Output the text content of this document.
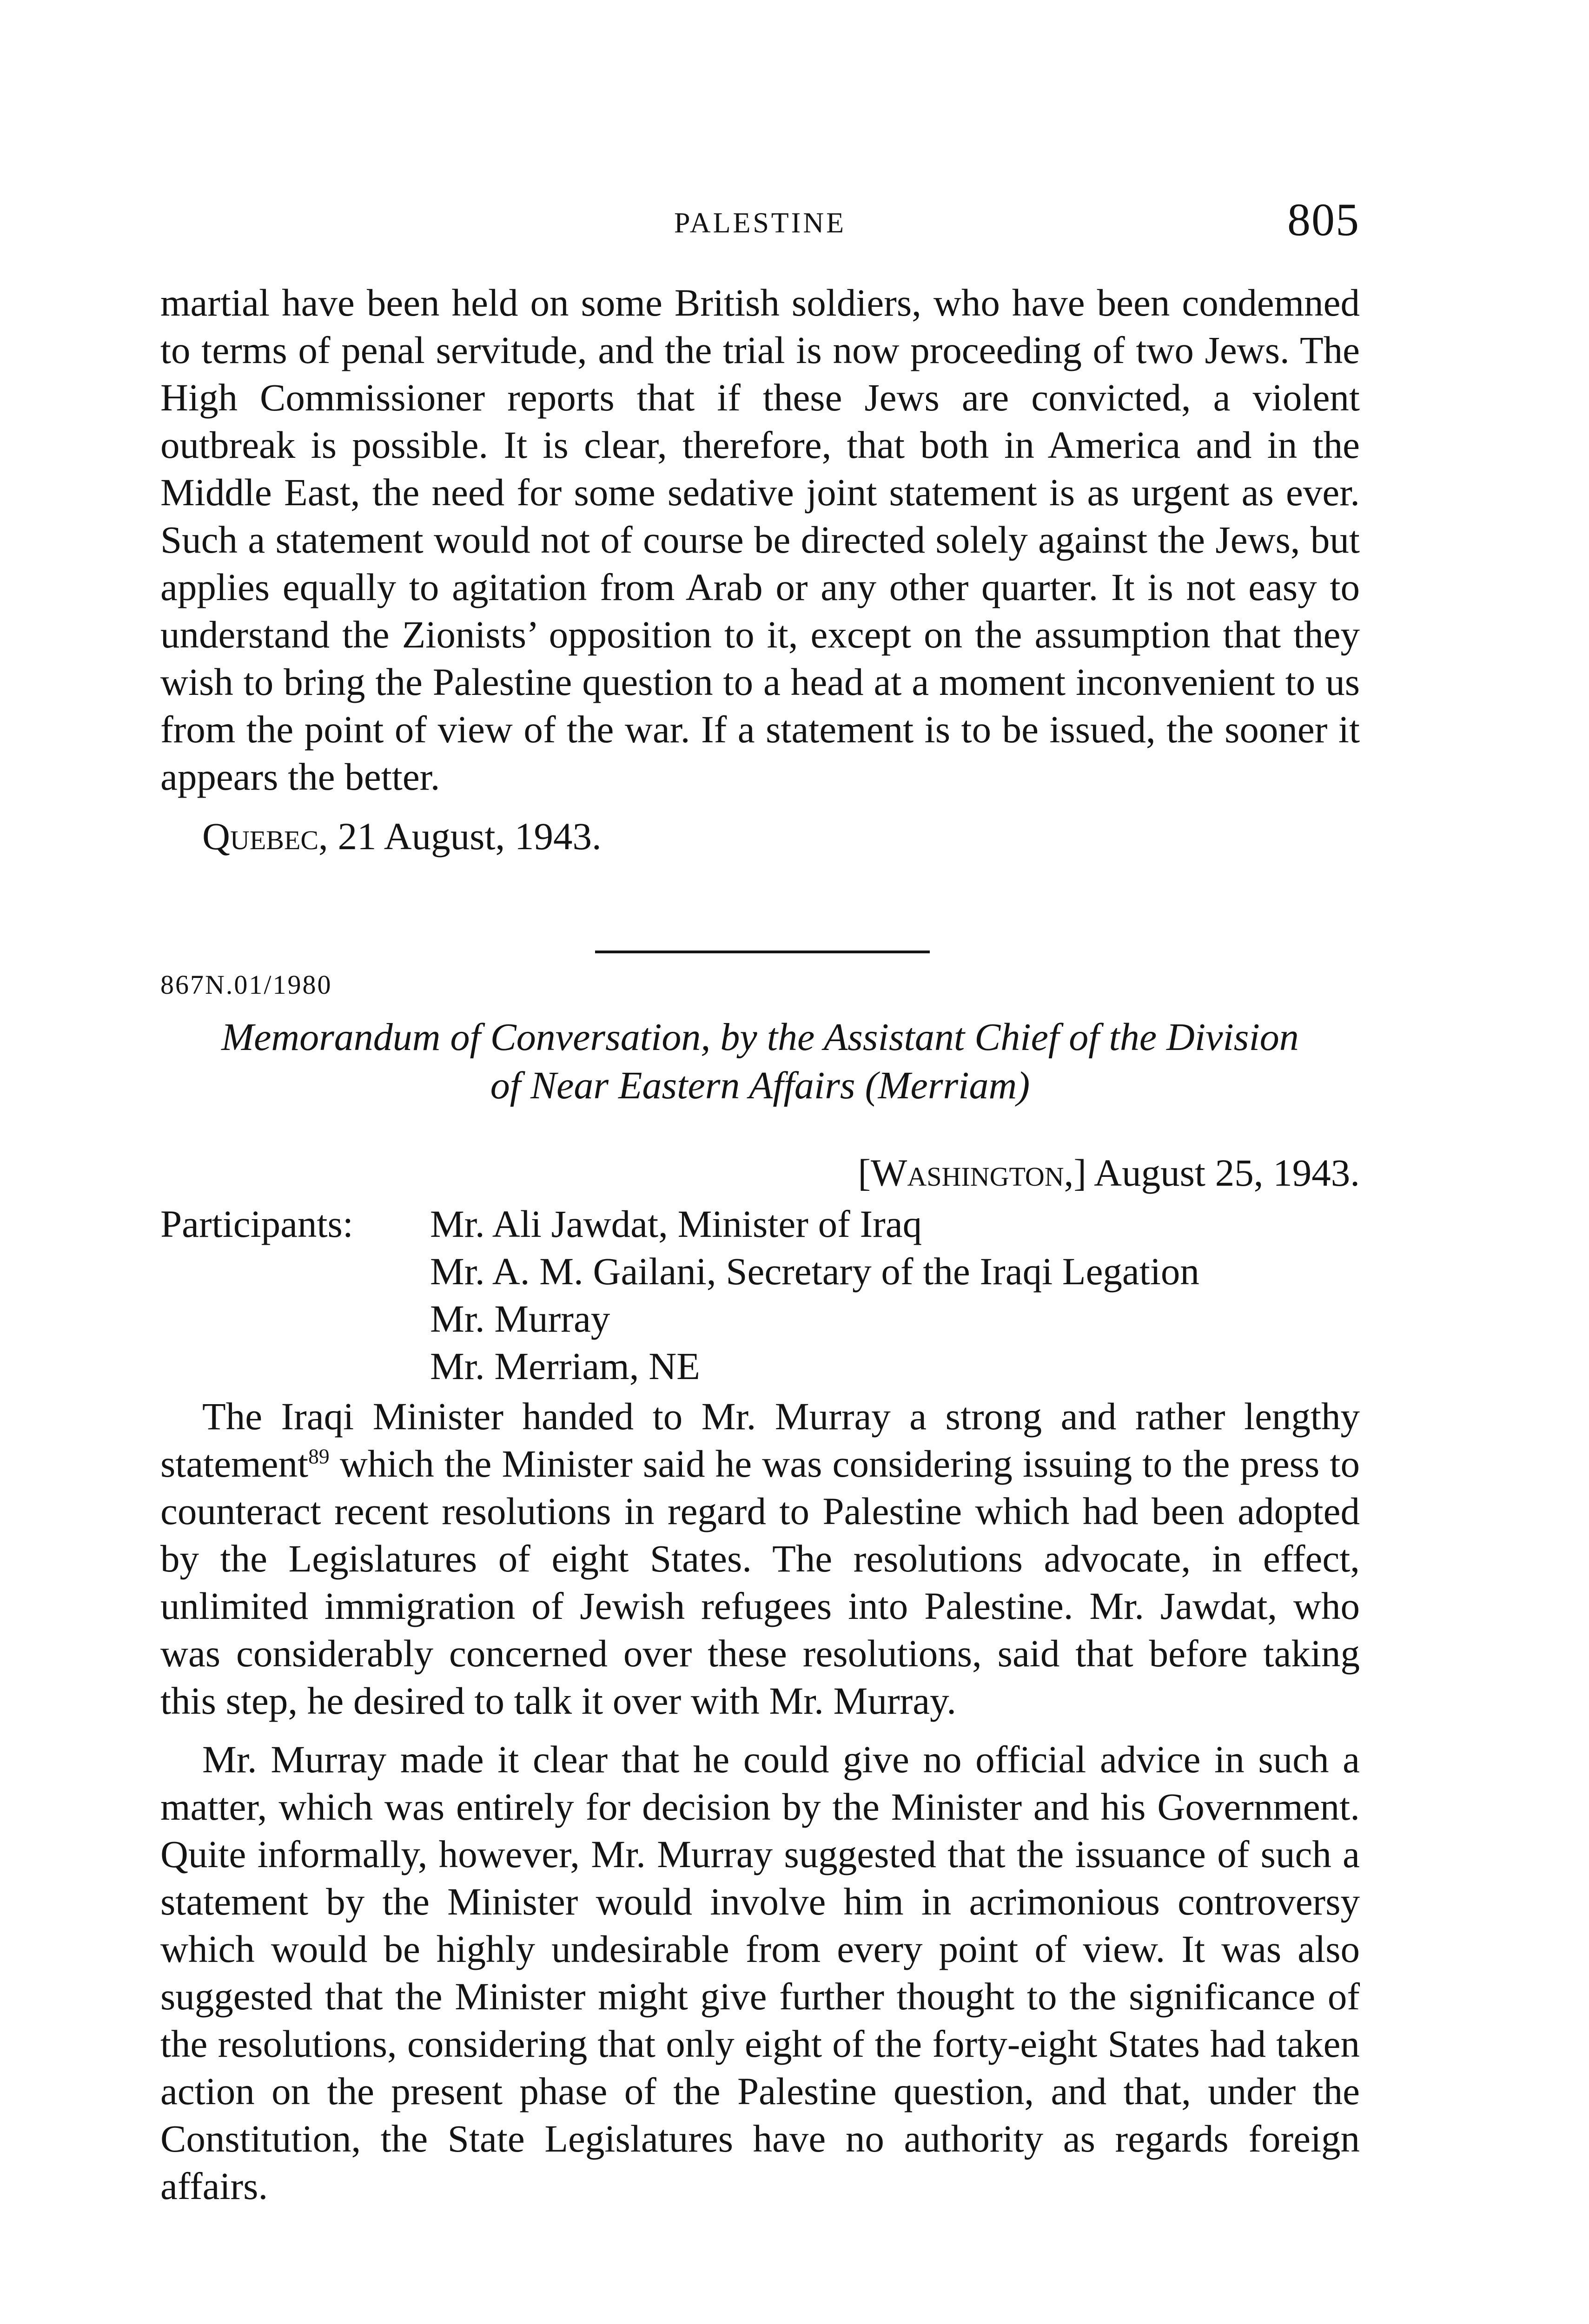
PALESTINE	805

martial have been held on some British soldiers, who have been condemned to terms of penal servitude, and the trial is now proceeding of two Jews. The High Commissioner reports that if these Jews are convicted, a violent outbreak is possible. It is clear, therefore, that both in America and in the Middle East, the need for some sedative joint statement is as urgent as ever. Such a statement would not of course be directed solely against the Jews, but applies equally to agitation from Arab or any other quarter. It is not easy to understand the Zionists’ opposition to it, except on the assumption that they wish to bring the Palestine question to a head at a moment inconvenient to us from the point of view of the war. If a statement is to be issued, the sooner it appears the better.

Quebec, 21 August, 1943.

867N.01/1980
Memorandum of Conversation, by the Assistant Chief of the Division
of Near Eastern Affairs (Merriam)
[Washington,] August 25, 1943.
Participants: Mr. Ali Jawdat, Minister of Iraq
Mr. A. M. Gailani, Secretary of the Iraqi Legation
Mr. Murray
Mr. Merriam, NE

The Iraqi Minister handed to Mr. Murray a strong and rather lengthy statement$^{89}$ which the Minister said he was considering issuing to the press to counteract recent resolutions in regard to Palestine which had been adopted by the Legislatures of eight States. The resolutions advocate, in effect, unlimited immigration of Jewish refugees into Palestine. Mr. Jawdat, who was considerably concerned over these resolutions, said that before taking this step, he desired to talk it over with Mr. Murray.

Mr. Murray made it clear that he could give no official advice in such a matter, which was entirely for decision by the Minister and his Government. Quite informally, however, Mr. Murray suggested that the issuance of such a statement by the Minister would involve him in acrimonious controversy which would be highly undesirable from every point of view. It was also suggested that the Minister might give further thought to the significance of the resolutions, considering that only eight of the forty-eight States had taken action on the present phase of the Palestine question, and that, under the Constitution, the State Legislatures have no authority as regards foreign affairs.
